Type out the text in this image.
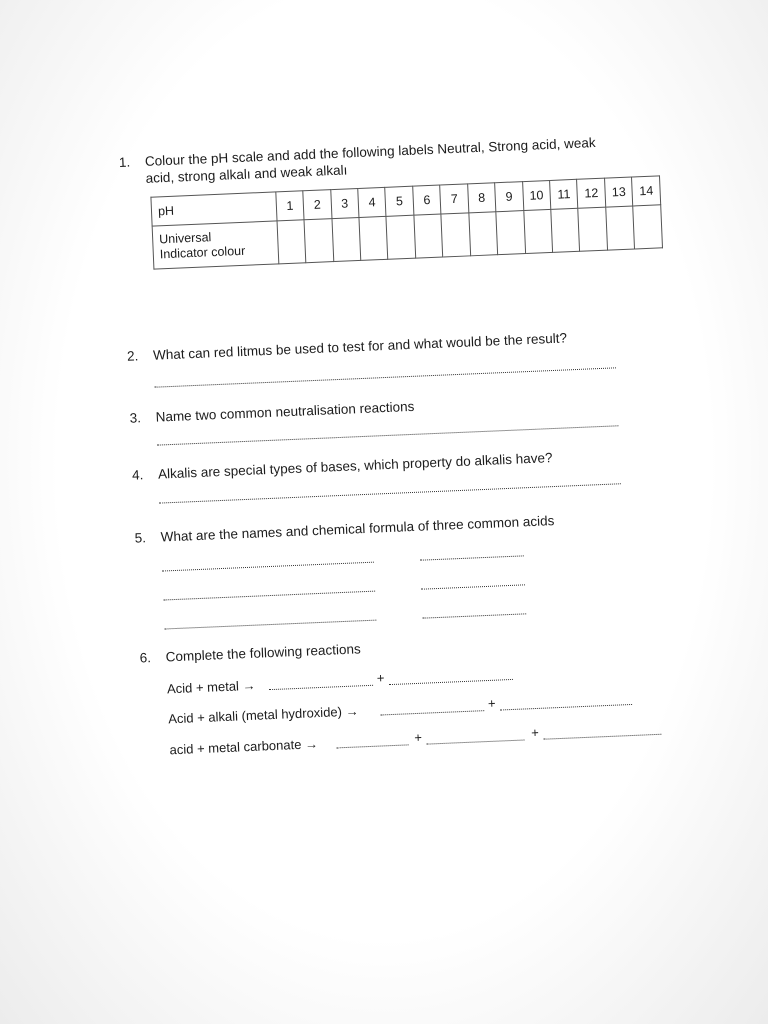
1. Colour the pH scale and add the following labels Neutral, Strong acid, weak
acid, strong alkalı and weak alkalı
pH	1	2	3	4	5	6	7	8	9	10	11	12	13	14

Universal
Indicator colour														

2. What can red litmus be used to test for and what would be the result?
3. Name two common neutralisation reactions
4. Alkalis are special types of bases, which property do alkalis have?
5. What are the names and chemical formula of three common acids
6. Complete the following reactions
Acid + metal →	+
Acid + alkali (metal hydroxide) →
+
acid + metal carbonate →	+	+
